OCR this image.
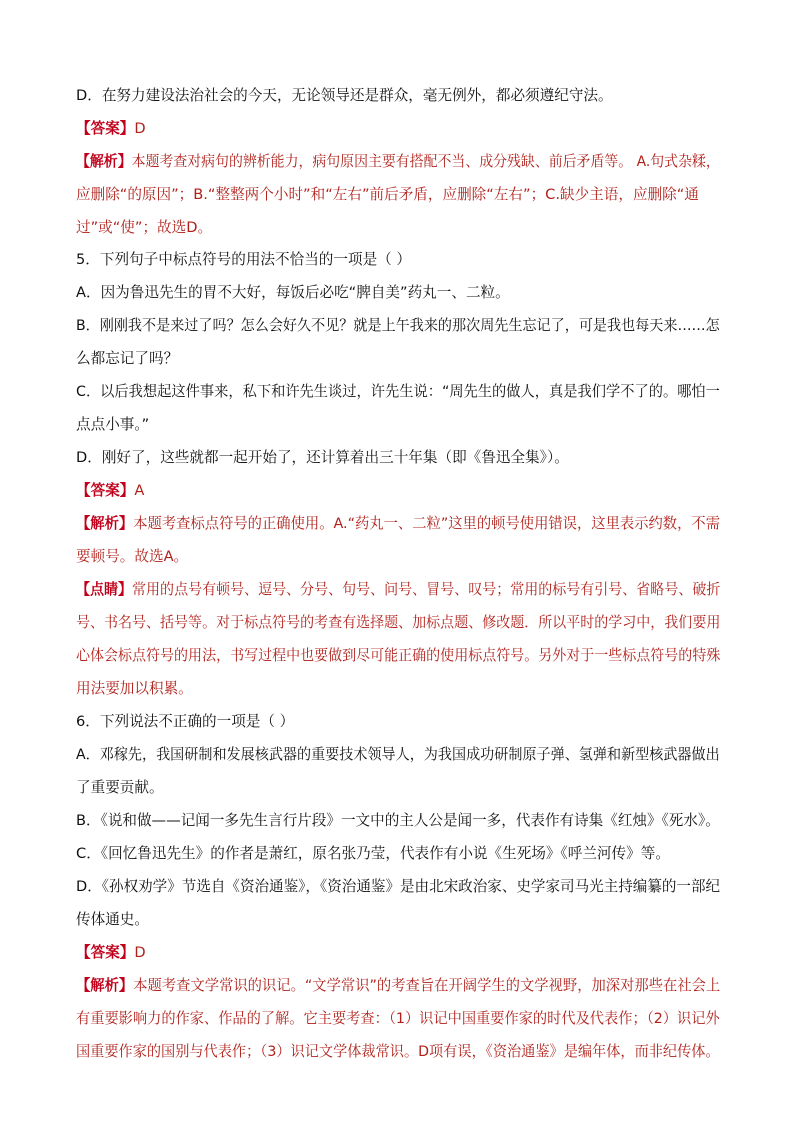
D．在努力建设法治社会的今天，无论领导还是群众，毫无例外，都必须遵纪守法。
【答案】D
【解析】本题考查对病句的辨析能力，病句原因主要有搭配不当、成分残缺、前后矛盾等。 A.句式杂糅，
应删除“的原因”；B.“整整两个小时”和“左右”前后矛盾，应删除“左右”；C.缺少主语，应删除“通
过”或“使”；故选D。
5．下列句子中标点符号的用法不恰当的一项是（ ）
A．因为鲁迅先生的胃不大好，每饭后必吃“脾自美”药丸一、二粒。
B．刚刚我不是来过了吗？怎么会好久不见？就是上午我来的那次周先生忘记了，可是我也每天来……怎
么都忘记了吗？
C．以后我想起这件事来，私下和许先生谈过，许先生说：“周先生的做人，真是我们学不了的。哪怕一
点点小事。”
D．刚好了，这些就都一起开始了，还计算着出三十年集（即《鲁迅全集》）。
【答案】A
【解析】本题考查标点符号的正确使用。A.“药丸一、二粒”这里的顿号使用错误，这里表示约数，不需
要顿号。故选A。
【点睛】常用的点号有顿号、逗号、分号、句号、问号、冒号、叹号；常用的标号有引号、省略号、破折
号、书名号、括号等。对于标点符号的考查有选择题、加标点题、修改题．所以平时的学习中，我们要用
心体会标点符号的用法，书写过程中也要做到尽可能正确的使用标点符号。另外对于一些标点符号的特殊
用法要加以积累。
6．下列说法不正确的一项是（ ）
A．邓稼先，我国研制和发展核武器的重要技术领导人，为我国成功研制原子弹、氢弹和新型核武器做出
了重要贡献。
B．《说和做——记闻一多先生言行片段》一文中的主人公是闻一多，代表作有诗集《红烛》《死水》。
C．《回忆鲁迅先生》的作者是萧红，原名张乃莹，代表作有小说《生死场》《呼兰河传》等。
D．《孙权劝学》节选自《资治通鉴》，《资治通鉴》是由北宋政治家、史学家司马光主持编纂的一部纪
传体通史。
【答案】D
【解析】本题考查文学常识的识记。“文学常识”的考查旨在开阔学生的文学视野，加深对那些在社会上
有重要影响力的作家、作品的了解。它主要考查：（1）识记中国重要作家的时代及代表作；（2）识记外
国重要作家的国别与代表作；（3）识记文学体裁常识。D项有误，《资治通鉴》是编年体，而非纪传体。
